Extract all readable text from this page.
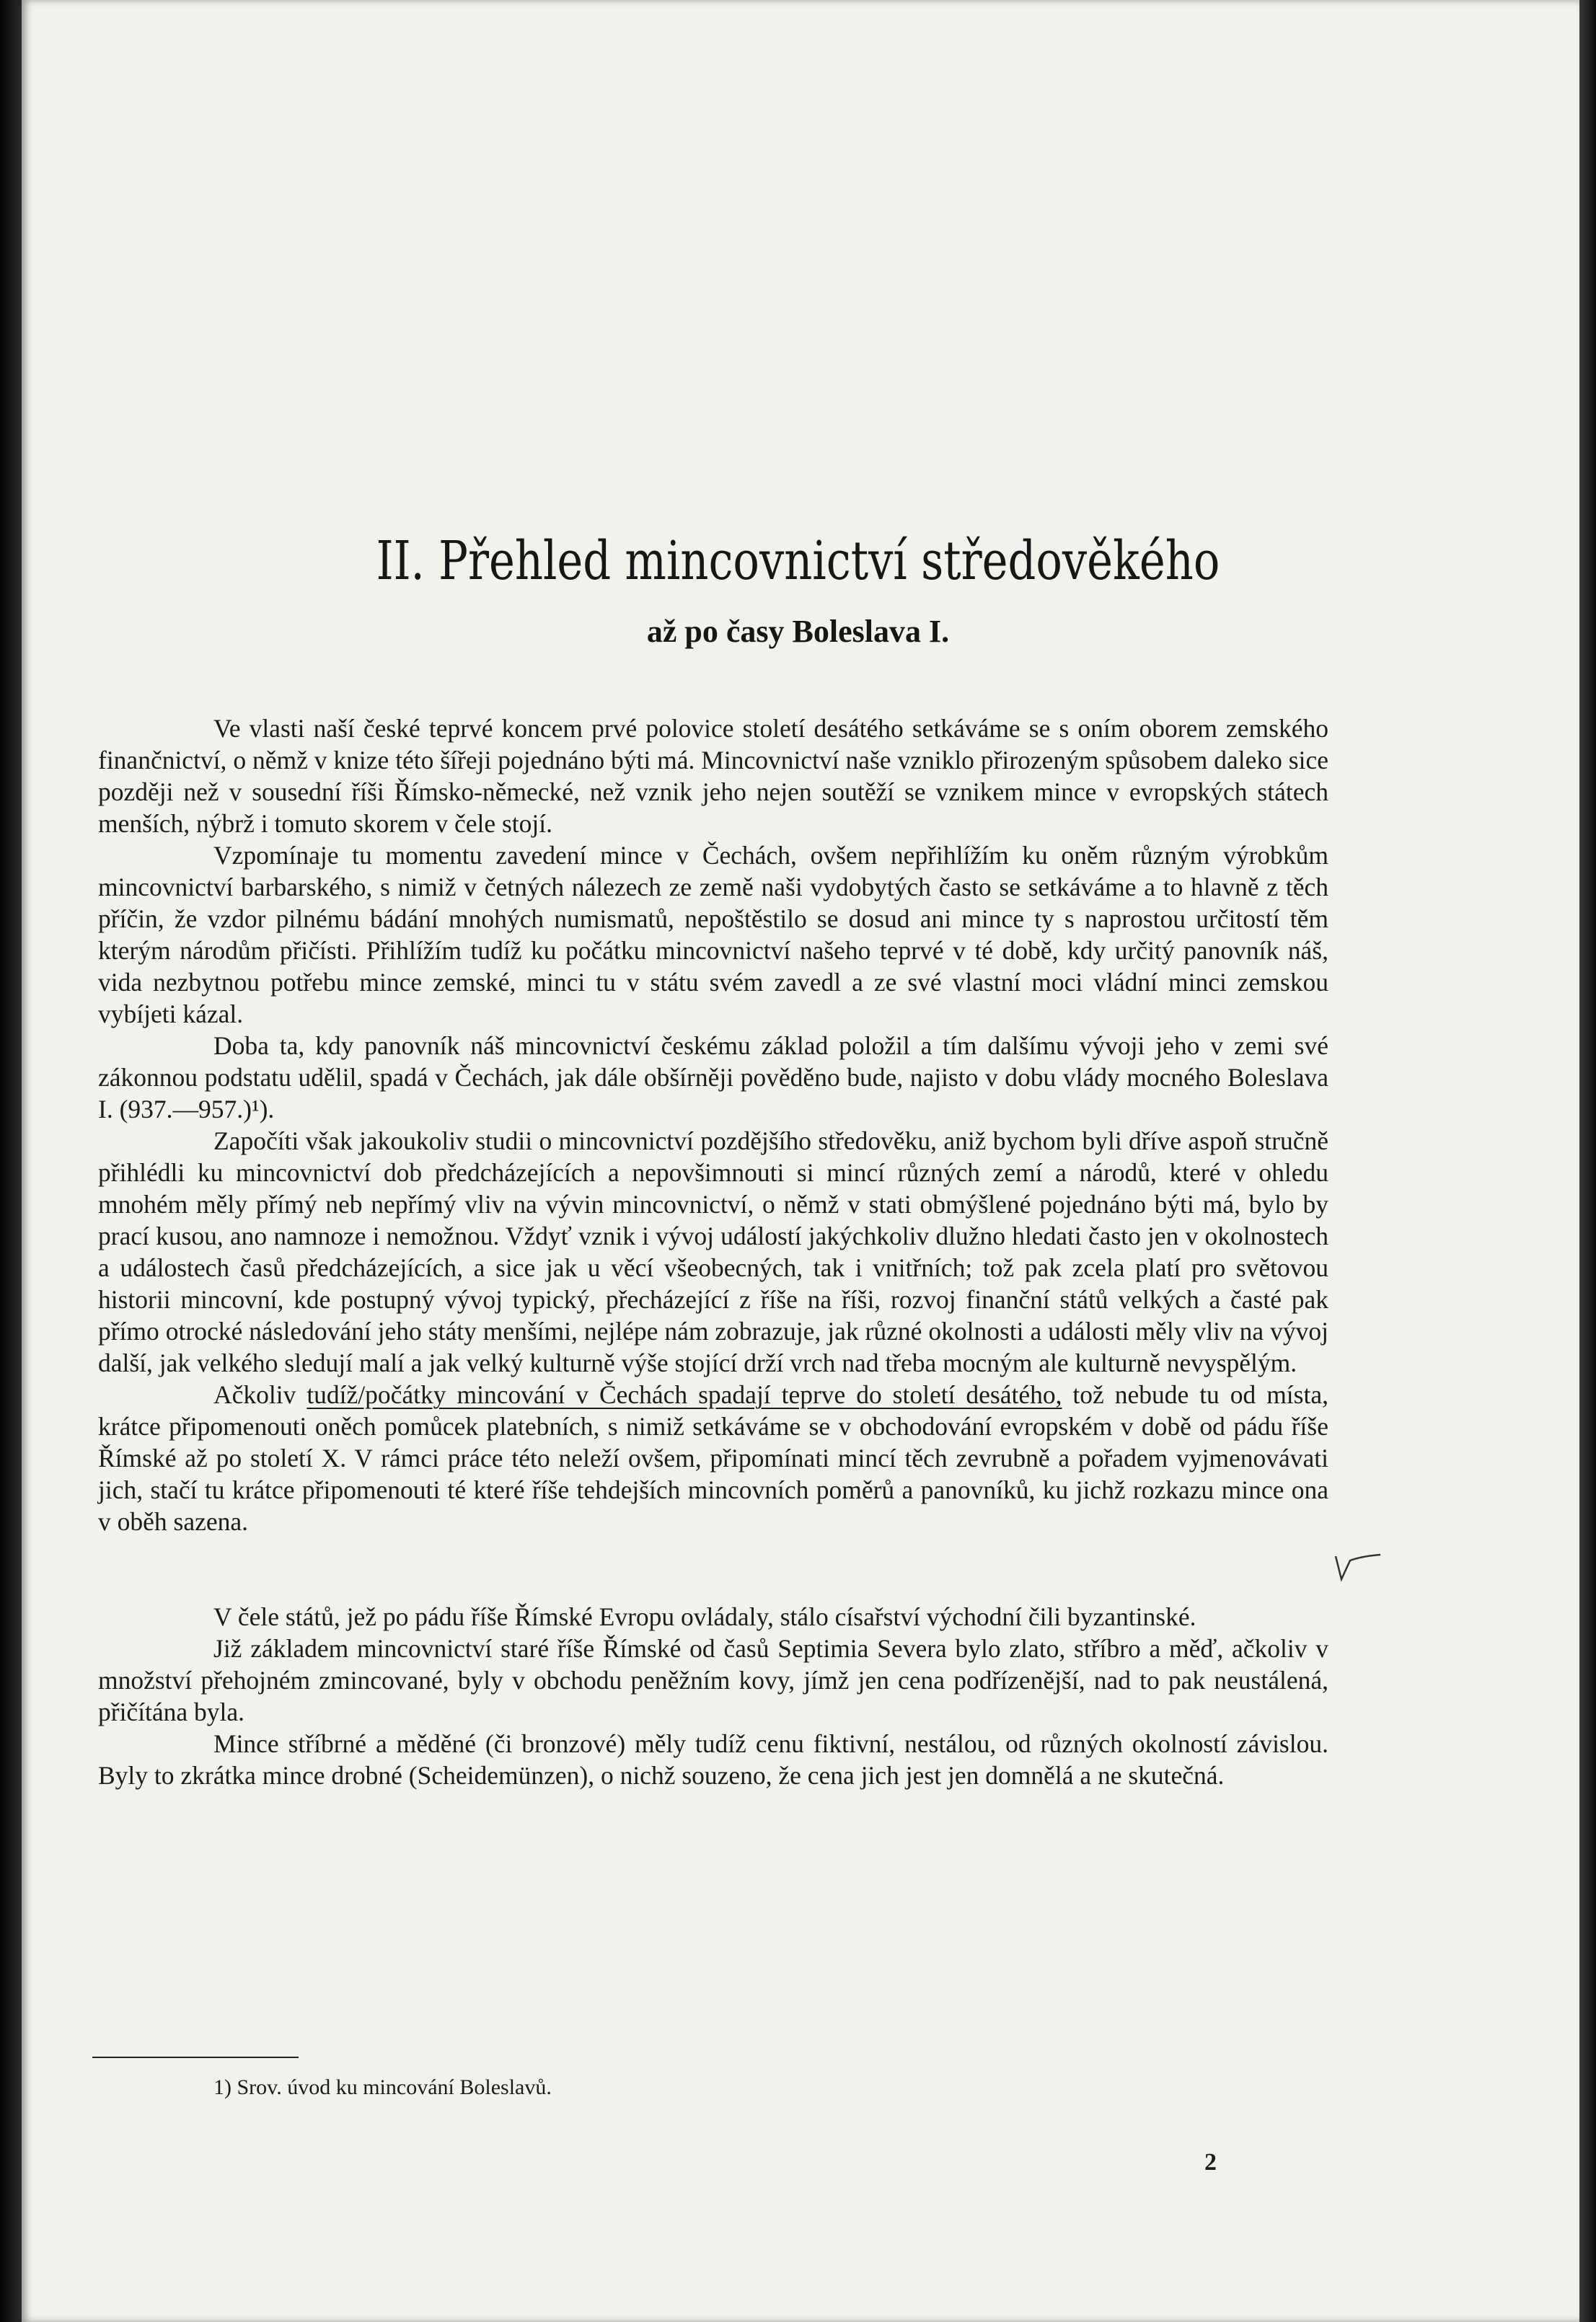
II. Přehled mincovnictví středověkého
až po časy Boleslava I.

Ve vlasti naší české teprvé koncem prvé polovice století desátého setkáváme se s oním oborem zemského finančnictví, o němž v knize této šířeji pojednáno býti má. Mincovnictví naše vzniklo přirozeným spůsobem daleko sice později než v sousední říši Římsko-německé, než vznik jeho nejen soutěží se vznikem mince v evropských státech menších, nýbrž i tomuto skorem v čele stojí.

Vzpomínaje tu momentu zavedení mince v Čechách, ovšem nepřihlížím ku oněm různým výrobkům mincovnictví barbarského, s nimiž v četných nálezech ze země naši vydobytých často se setkáváme a to hlavně z těch příčin, že vzdor pilnému bádání mnohých numismatů, nepoštěstilo se dosud ani mince ty s naprostou určitostí těm kterým národům přičísti. Přihlížím tudíž ku počátku mincovnictví našeho teprvé v té době, kdy určitý panovník náš, vida nezbytnou potřebu mince zemské, minci tu v státu svém zavedl a ze své vlastní moci vládní minci zemskou vybíjeti kázal.

Doba ta, kdy panovník náš mincovnictví českému základ položil a tím dalšímu vývoji jeho v zemi své zákonnou podstatu udělil, spadá v Čechách, jak dále obšírněji pověděno bude, najisto v dobu vlády mocného Boleslava I. (937.—957.)¹).

Započíti však jakoukoliv studii o mincovnictví pozdějšího středověku, aniž bychom byli dříve aspoň stručně přihlédli ku mincovnictví dob předcházejících a nepovšimnouti si mincí různých zemí a národů, které v ohledu mnohém měly přímý neb nepřímý vliv na vývin mincovnictví, o němž v stati obmýšlené pojednáno býti má, bylo by prací kusou, ano namnoze i nemožnou. Vždyť vznik i vývoj událostí jakýchkoliv dlužno hledati často jen v okolnostech a událostech časů předcházejících, a sice jak u věcí všeobecných, tak i vnitřních; tož pak zcela platí pro světovou historii mincovní, kde postupný vývoj typický, přecházející z říše na říši, rozvoj finanční států velkých a časté pak přímo otrocké následování jeho státy menšími, nejlépe nám zobrazuje, jak různé okolnosti a události měly vliv na vývoj další, jak velkého sledují malí a jak velký kulturně výše stojící drží vrch nad třeba mocným ale kulturně nevyspělým.

Ačkoliv tudíž/počátky mincování v Čechách spadají teprve do století desátého, tož nebude tu od místa, krátce připomenouti oněch pomůcek platebních, s nimiž setkáváme se v obchodování evropském v době od pádu říše Římské až po století X. V rámci práce této neleží ovšem, připomínati mincí těch zevrubně a pořadem vyjmenovávati jich, stačí tu krátce připomenouti té které říše tehdejších mincovních poměrů a panovníků, ku jichž rozkazu mince ona v oběh sazena.

V čele států, jež po pádu říše Římské Evropu ovládaly, stálo císařství východní čili byzantinské.

Již základem mincovnictví staré říše Římské od časů Septimia Severa bylo zlato, stříbro a měď, ačkoliv v množství přehojném zmincované, byly v obchodu peněžním kovy, jímž jen cena podřízenější, nad to pak neustálená, přičítána byla.

Mince stříbrné a měděné (či bronzové) měly tudíž cenu fiktivní, nestálou, od různých okolností závislou. Byly to zkrátka mince drobné (Scheidemünzen), o nichž souzeno, že cena jich jest jen domnělá a ne skutečná.

1) Srov. úvod ku mincování Boleslavů.
2
